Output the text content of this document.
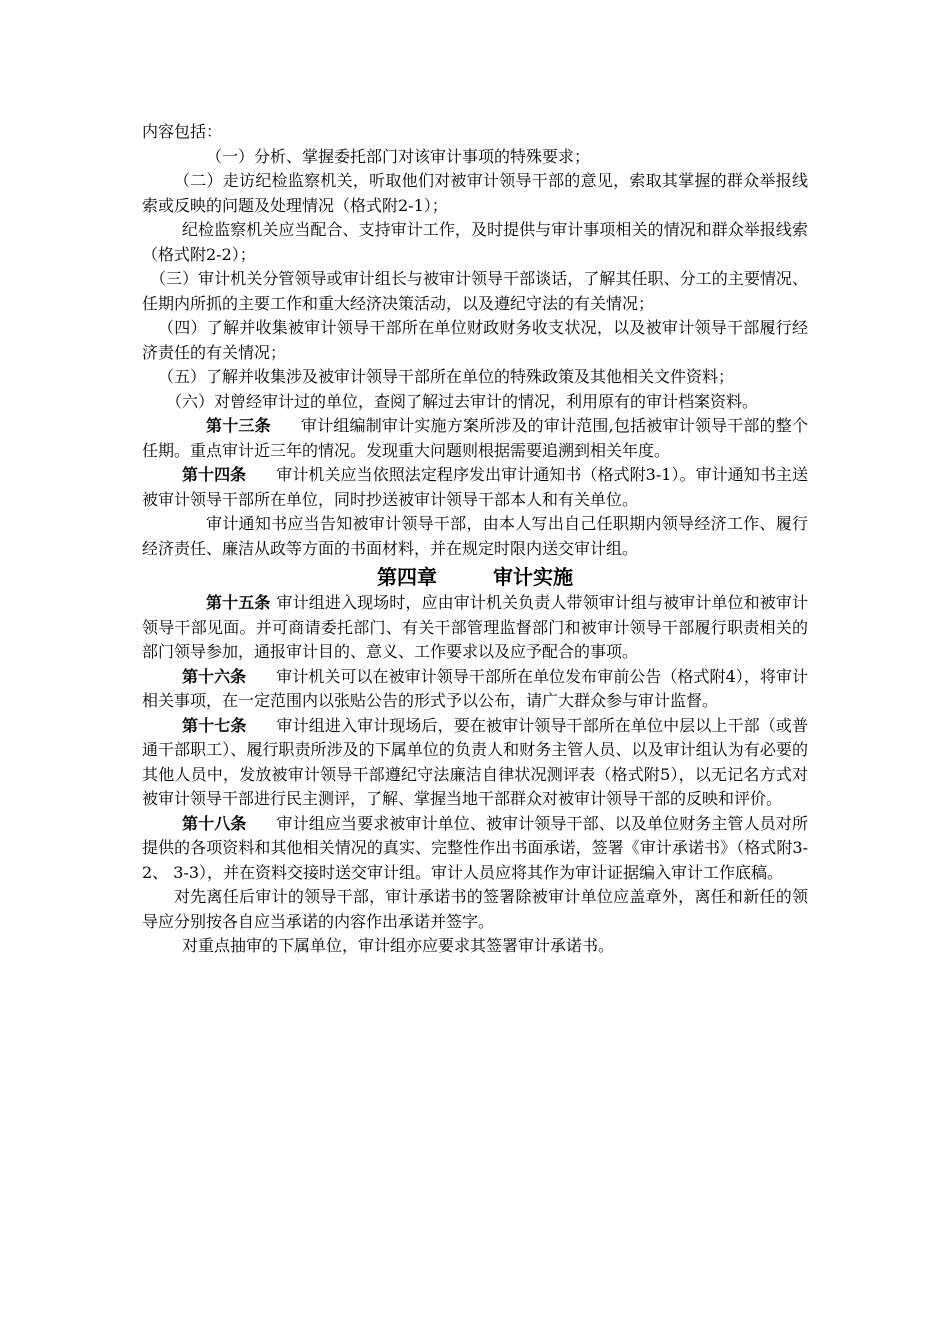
内容包括：

（一）分析、掌握委托部门对该审计事项的特殊要求；

（二）走访纪检监察机关，听取他们对被审计领导干部的意见，索取其掌握的群众举报线索或反映的问题及处理情况（格式附2-1）；

纪检监察机关应当配合、支持审计工作，及时提供与审计事项相关的情况和群众举报线索（格式附2-2）；

（三）审计机关分管领导或审计组长与被审计领导干部谈话，了解其任职、分工的主要情况、任期内所抓的主要工作和重大经济决策活动，以及遵纪守法的有关情况；

（四）了解并收集被审计领导干部所在单位财政财务收支状况，以及被审计领导干部履行经济责任的有关情况；

（五）了解并收集涉及被审计领导干部所在单位的特殊政策及其他相关文件资料；

（六）对曾经审计过的单位，查阅了解过去审计的情况，利用原有的审计档案资料。

第十三条 审计组编制审计实施方案所涉及的审计范围,包括被审计领导干部的整个任期。重点审计近三年的情况。发现重大问题则根据需要追溯到相关年度。

第十四条 审计机关应当依照法定程序发出审计通知书（格式附3-1）。审计通知书主送被审计领导干部所在单位，同时抄送被审计领导干部本人和有关单位。

审计通知书应当告知被审计领导干部，由本人写出自己任职期内领导经济工作、履行经济责任、廉洁从政等方面的书面材料，并在规定时限内送交审计组。

第四章	审计实施

第十五条 审计组进入现场时，应由审计机关负责人带领审计组与被审计单位和被审计领导干部见面。并可商请委托部门、有关干部管理监督部门和被审计领导干部履行职责相关的部门领导参加，通报审计目的、意义、工作要求以及应予配合的事项。

第十六条 审计机关可以在被审计领导干部所在单位发布审前公告（格式附4），将审计相关事项，在一定范围内以张贴公告的形式予以公布，请广大群众参与审计监督。

第十七条 审计组进入审计现场后，要在被审计领导干部所在单位中层以上干部（或普通干部职工）、履行职责所涉及的下属单位的负责人和财务主管人员、以及审计组认为有必要的其他人员中，发放被审计领导干部遵纪守法廉洁自律状况测评表（格式附5），以无记名方式对被审计领导干部进行民主测评，了解、掌握当地干部群众对被审计领导干部的反映和评价。

第十八条 审计组应当要求被审计单位、被审计领导干部、以及单位财务主管人员对所提供的各项资料和其他相关情况的真实、完整性作出书面承诺，签署《审计承诺书》（格式附3-2、 3-3），并在资料交接时送交审计组。审计人员应将其作为审计证据编入审计工作底稿。

对先离任后审计的领导干部，审计承诺书的签署除被审计单位应盖章外，离任和新任的领导应分别按各自应当承诺的内容作出承诺并签字。

对重点抽审的下属单位，审计组亦应要求其签署审计承诺书。
